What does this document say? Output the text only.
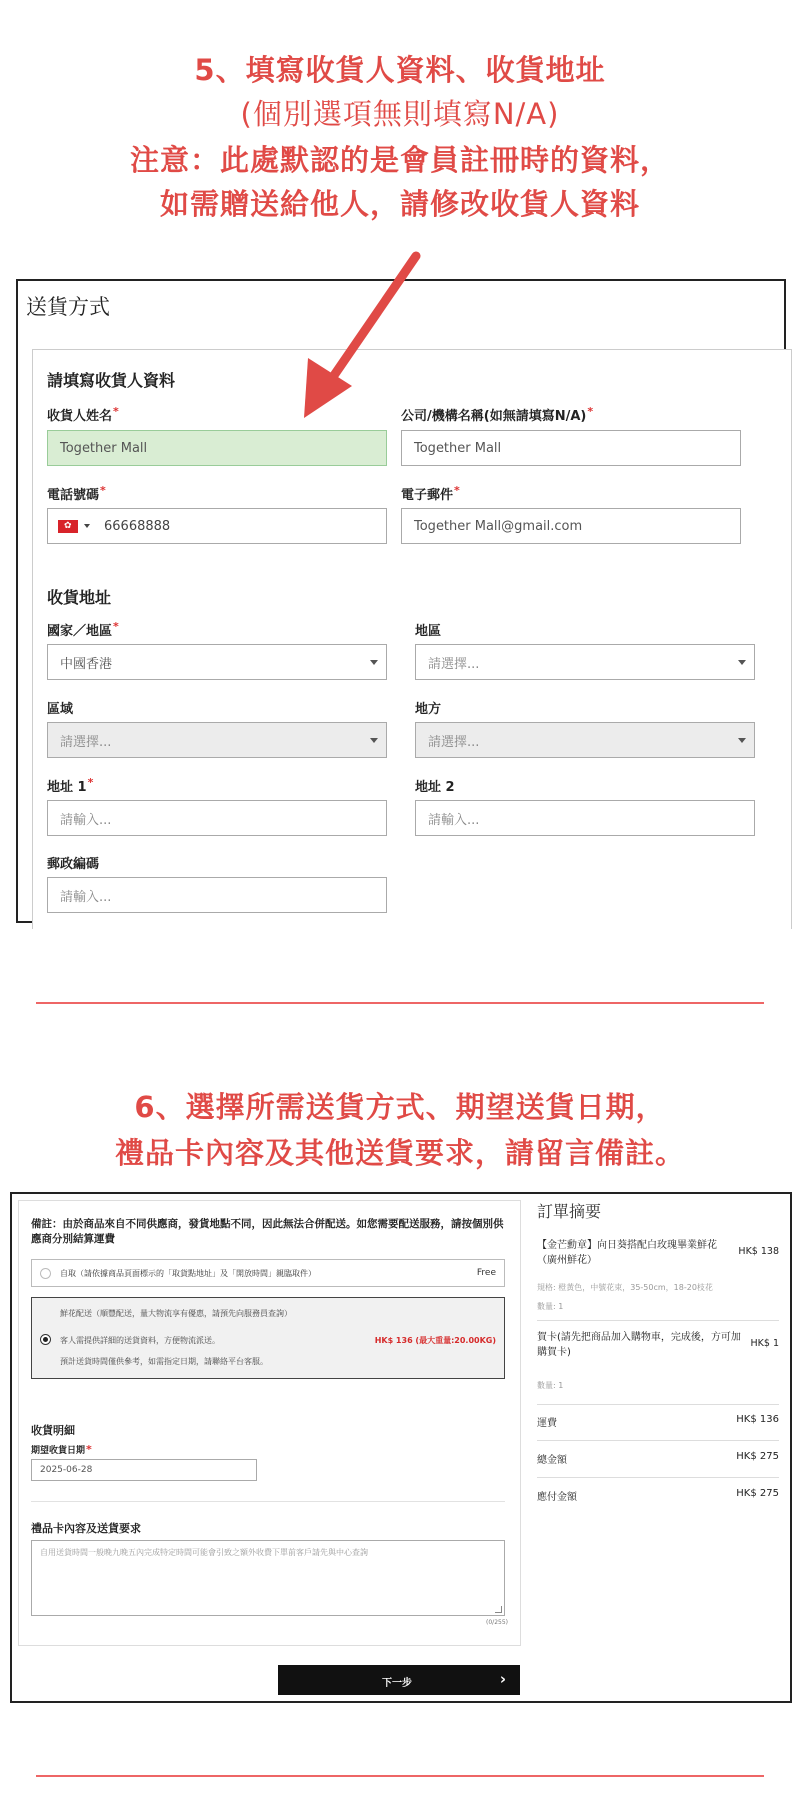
5、填寫收貨人資料、收貨地址
(個別選項無則填寫N/A)
注意：此處默認的是會員註冊時的資料，
如需贈送給他人，請修改收貨人資料
送貨方式
請填寫收貨人資料
收貨人姓名*
Together Mall
公司/機構名稱(如無請填寫N/A)*
Together Mall
電話號碼*
✿ 66668888
電子郵件*
Together Mall@gmail.com
收貨地址
國家／地區*
中國香港
地區
請選擇...
區域
請選擇...
地方
請選擇...
地址 1*
請輸入...
地址 2
請輸入...
郵政編碼
請輸入...
6、選擇所需送貨方式、期望送貨日期，
禮品卡內容及其他送貨要求，請留言備註。
備註：由於商品來自不同供應商，發貨地點不同，因此無法合併配送。如您需要配送服務，請按個別供應商分別結算運費
自取（請依據商品頁面標示的「取貨點地址」及「開放時間」親臨取件）	Free
鮮花配送（順豐配送，量大物流享有優惠，請預先向服務員查詢）
客人需提供詳細的送貨資料，方便物流派送。	HK$ 136 (最大重量:20.00KG)
預計送貨時間僅供參考，如需指定日期，請聯絡平台客服。
收貨明細
期望收貨日期*
2025-06-28
禮品卡內容及送貨要求
自用送貨時間一般晚九晚五內完成特定時間可能會引致之額外收費下單前客戶請先與中心查詢
(0/255)
下一步	›
訂單摘要
【金芒勳章】向日葵搭配白玫瑰畢業鮮花（廣州鮮花）
HK$ 138
規格: 橙黃色，中號花束，35-50cm，18-20枝花
數量: 1
賀卡(請先把商品加入購物車，完成後，方可加購賀卡)
HK$ 1
數量: 1
運費	HK$ 136
總金額	HK$ 275
應付金額	HK$ 275
